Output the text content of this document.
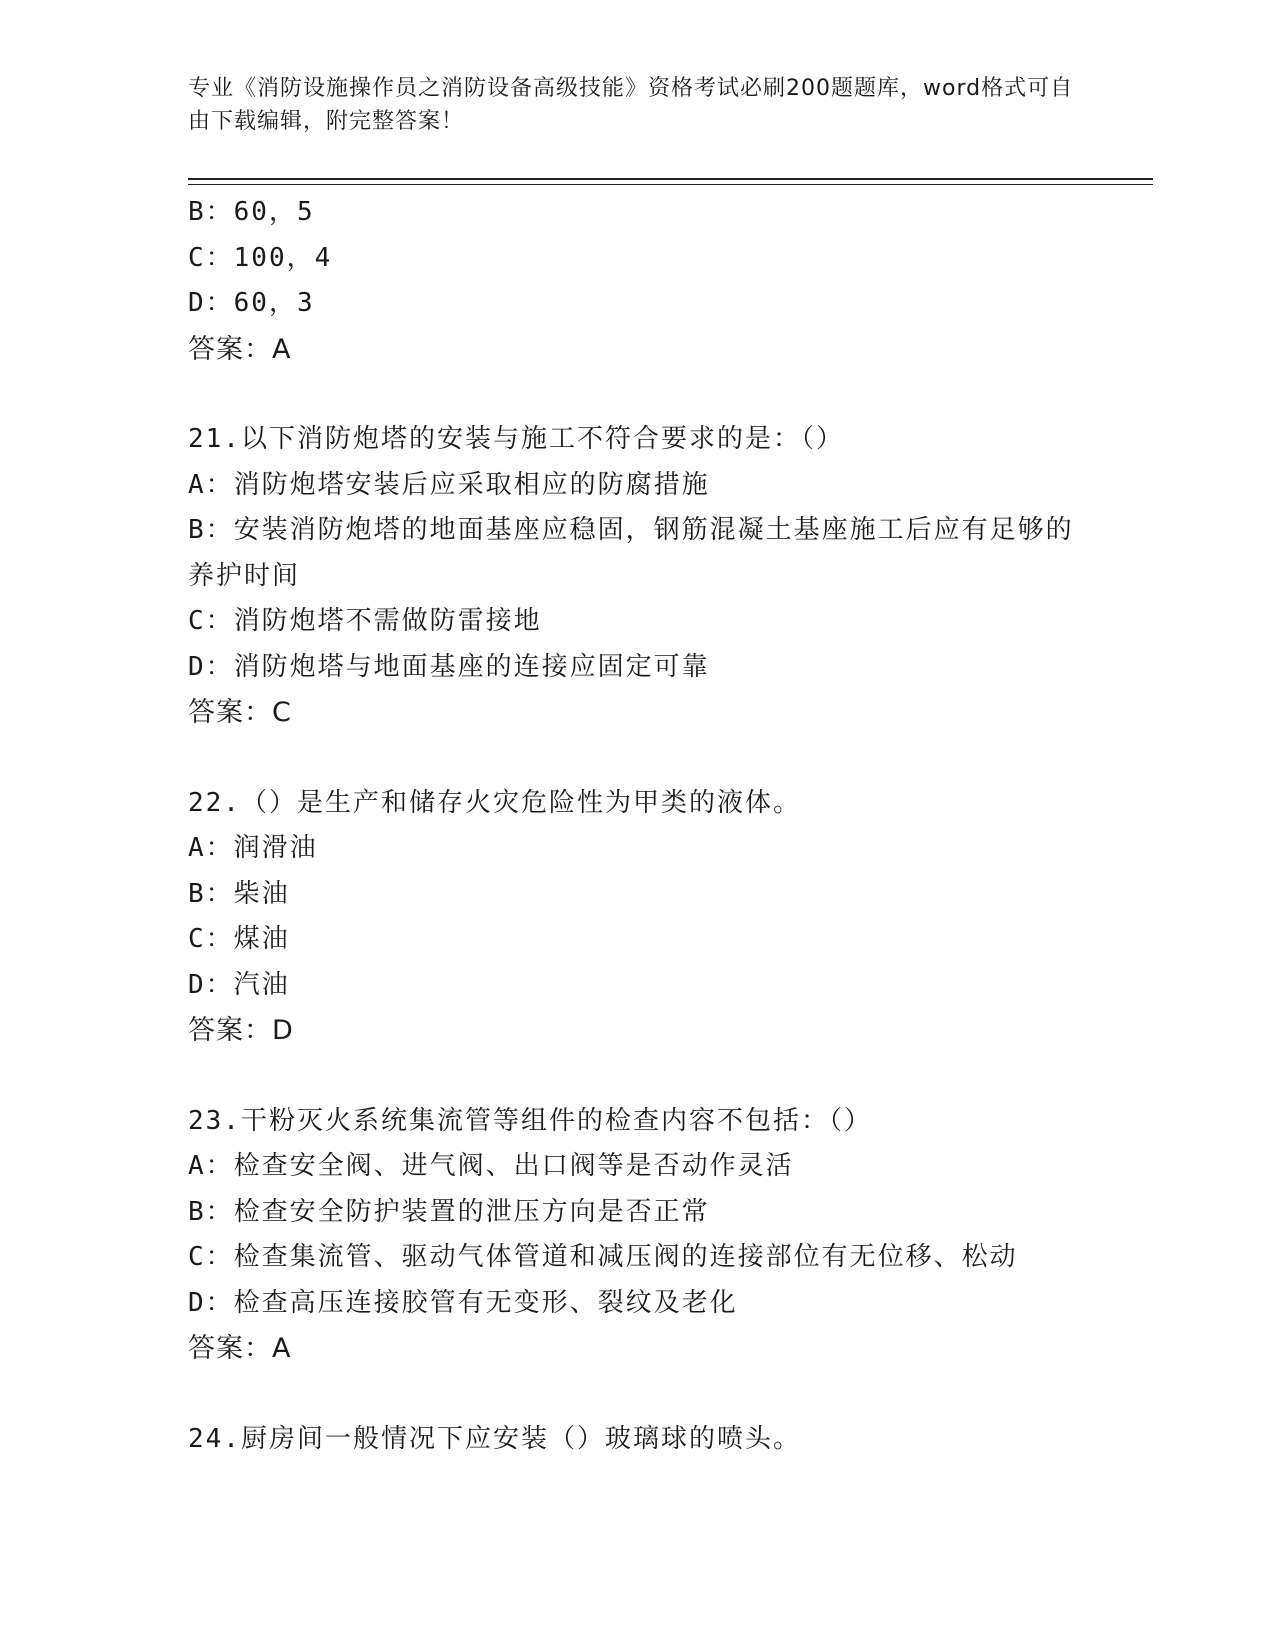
专业《消防设施操作员之消防设备高级技能》资格考试必刷200题题库，word格式可自由下载编辑，附完整答案！
B：60，5
C：100，4
D：60，3
答案：A
21.以下消防炮塔的安装与施工不符合要求的是：（）
A：消防炮塔安装后应采取相应的防腐措施
B：安装消防炮塔的地面基座应稳固，钢筋混凝土基座施工后应有足够的养护时间
C：消防炮塔不需做防雷接地
D：消防炮塔与地面基座的连接应固定可靠
答案：C
22.（）是生产和储存火灾危险性为甲类的液体。
A：润滑油
B：柴油
C：煤油
D：汽油
答案：D
23.干粉灭火系统集流管等组件的检查内容不包括：（）
A：检查安全阀、进气阀、出口阀等是否动作灵活
B：检查安全防护装置的泄压方向是否正常
C：检查集流管、驱动气体管道和减压阀的连接部位有无位移、松动
D：检查高压连接胶管有无变形、裂纹及老化
答案：A
24.厨房间一般情况下应安装（）玻璃球的喷头。
